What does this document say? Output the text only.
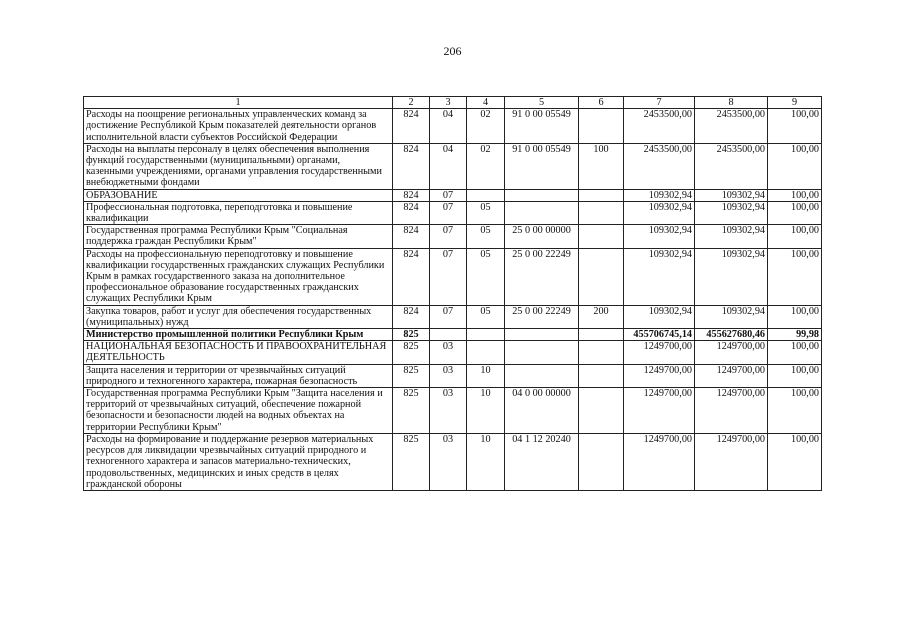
206
1	2	3	4	5	6	7	8	9
Расходы на поощрение региональных управленческих команд за достижение Республикой Крым показателей деятельности органов исполнительной власти субъектов Российской Федерации	824	04	02	91 0 00 05549		2453500,00	2453500,00	100,00
Расходы на выплаты персоналу в целях обеспечения выполнения функций государственными (муниципальными) органами, казенными учреждениями, органами управления государственными внебюджетными фондами	824	04	02	91 0 00 05549	100	2453500,00	2453500,00	100,00
ОБРАЗОВАНИЕ	824	07				109302,94	109302,94	100,00
Профессиональная подготовка, переподготовка и повышение квалификации	824	07	05			109302,94	109302,94	100,00
Государственная программа Республики Крым "Социальная поддержка граждан Республики Крым"	824	07	05	25 0 00 00000		109302,94	109302,94	100,00
Расходы на профессиональную переподготовку и повышение квалификации государственных гражданских служащих Республики Крым в рамках государственного заказа на дополнительное профессиональное образование государственных гражданских служащих Республики Крым	824	07	05	25 0 00 22249		109302,94	109302,94	100,00
Закупка товаров, работ и услуг для обеспечения государственных (муниципальных) нужд	824	07	05	25 0 00 22249	200	109302,94	109302,94	100,00
Министерство промышленной политики Республики Крым	825					455706745,14	455627680,46	99,98
НАЦИОНАЛЬНАЯ БЕЗОПАСНОСТЬ И ПРАВООХРАНИТЕЛЬНАЯ ДЕЯТЕЛЬНОСТЬ	825	03				1249700,00	1249700,00	100,00
Защита населения и территории от чрезвычайных ситуаций природного и техногенного характера, пожарная безопасность	825	03	10			1249700,00	1249700,00	100,00
Государственная программа Республики Крым "Защита населения и территорий от чрезвычайных ситуаций, обеспечение пожарной безопасности и безопасности людей на водных объектах на территории Республики Крым"	825	03	10	04 0 00 00000		1249700,00	1249700,00	100,00
Расходы на формирование и поддержание резервов материальных ресурсов для ликвидации чрезвычайных ситуаций природного и техногенного характера и запасов материально-технических, продовольственных, медицинских и иных средств в целях гражданской обороны	825	03	10	04 1 12 20240		1249700,00	1249700,00	100,00
